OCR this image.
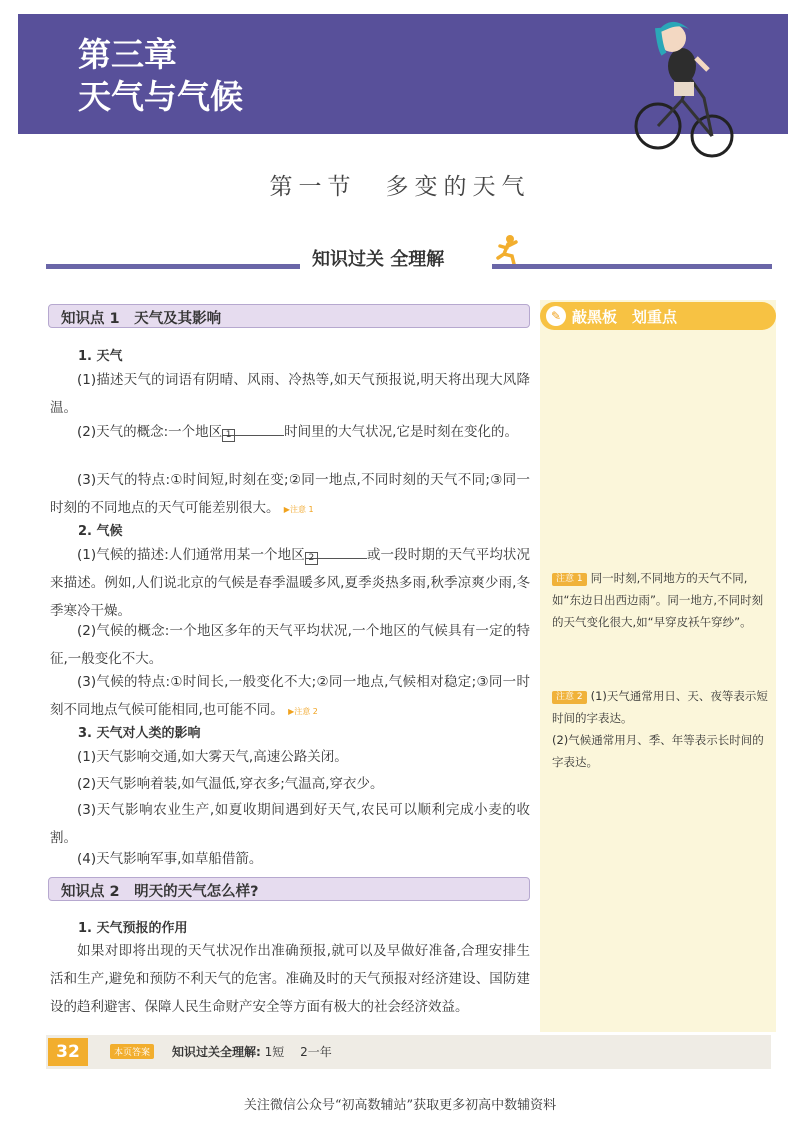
第三章
天气与气候
第一节　多变的天气
知识过关 全理解
✎ 敲黑板　划重点
注意 1 同一时刻,不同地方的天气不同,如“东边日出西边雨”。同一地方,不同时刻的天气变化很大,如“早穿皮袄午穿纱”。
注意 2 (1)天气通常用日、天、夜等表示短时间的字表达。
(2)气候通常用月、季、年等表示长时间的字表达。
知识点 1　天气及其影响
1. 天气
(1)描述天气的词语有阴晴、风雨、冷热等,如天气预报说,明天将出现大风降温。
(2)天气的概念:一个地区 1	时间里的大气状况,它是时刻在变化的。
(3)天气的特点:①时间短,时刻在变;②同一地点,不同时刻的天气不同;③同一时刻的不同地点的天气可能差别很大。 ▶注意 1
2. 气候
(1)气候的描述:人们通常用某一个地区 2	或一段时期的天气平均状况来描述。例如,人们说北京的气候是春季温暖多风,夏季炎热多雨,秋季凉爽少雨,冬季寒冷干燥。
(2)气候的概念:一个地区多年的天气平均状况,一个地区的气候具有一定的特征,一般变化不大。
(3)气候的特点:①时间长,一般变化不大;②同一地点,气候相对稳定;③同一时刻不同地点气候可能相同,也可能不同。 ▶注意 2
3. 天气对人类的影响
(1)天气影响交通,如大雾天气,高速公路关闭。
(2)天气影响着装,如气温低,穿衣多;气温高,穿衣少。
(3)天气影响农业生产,如夏收期间遇到好天气,农民可以顺利完成小麦的收割。
(4)天气影响军事,如草船借箭。
知识点 2　明天的天气怎么样?
1. 天气预报的作用
如果对即将出现的天气状况作出准确预报,就可以及早做好准备,合理安排生活和生产,避免和预防不利天气的危害。准确及时的天气预报对经济建设、国防建设的趋利避害、保障人民生命财产安全等方面有极大的社会经济效益。
32	本页答案	知识过关全理解: 1短　 2一年
关注微信公众号“初高数辅站”获取更多初高中数辅资料
